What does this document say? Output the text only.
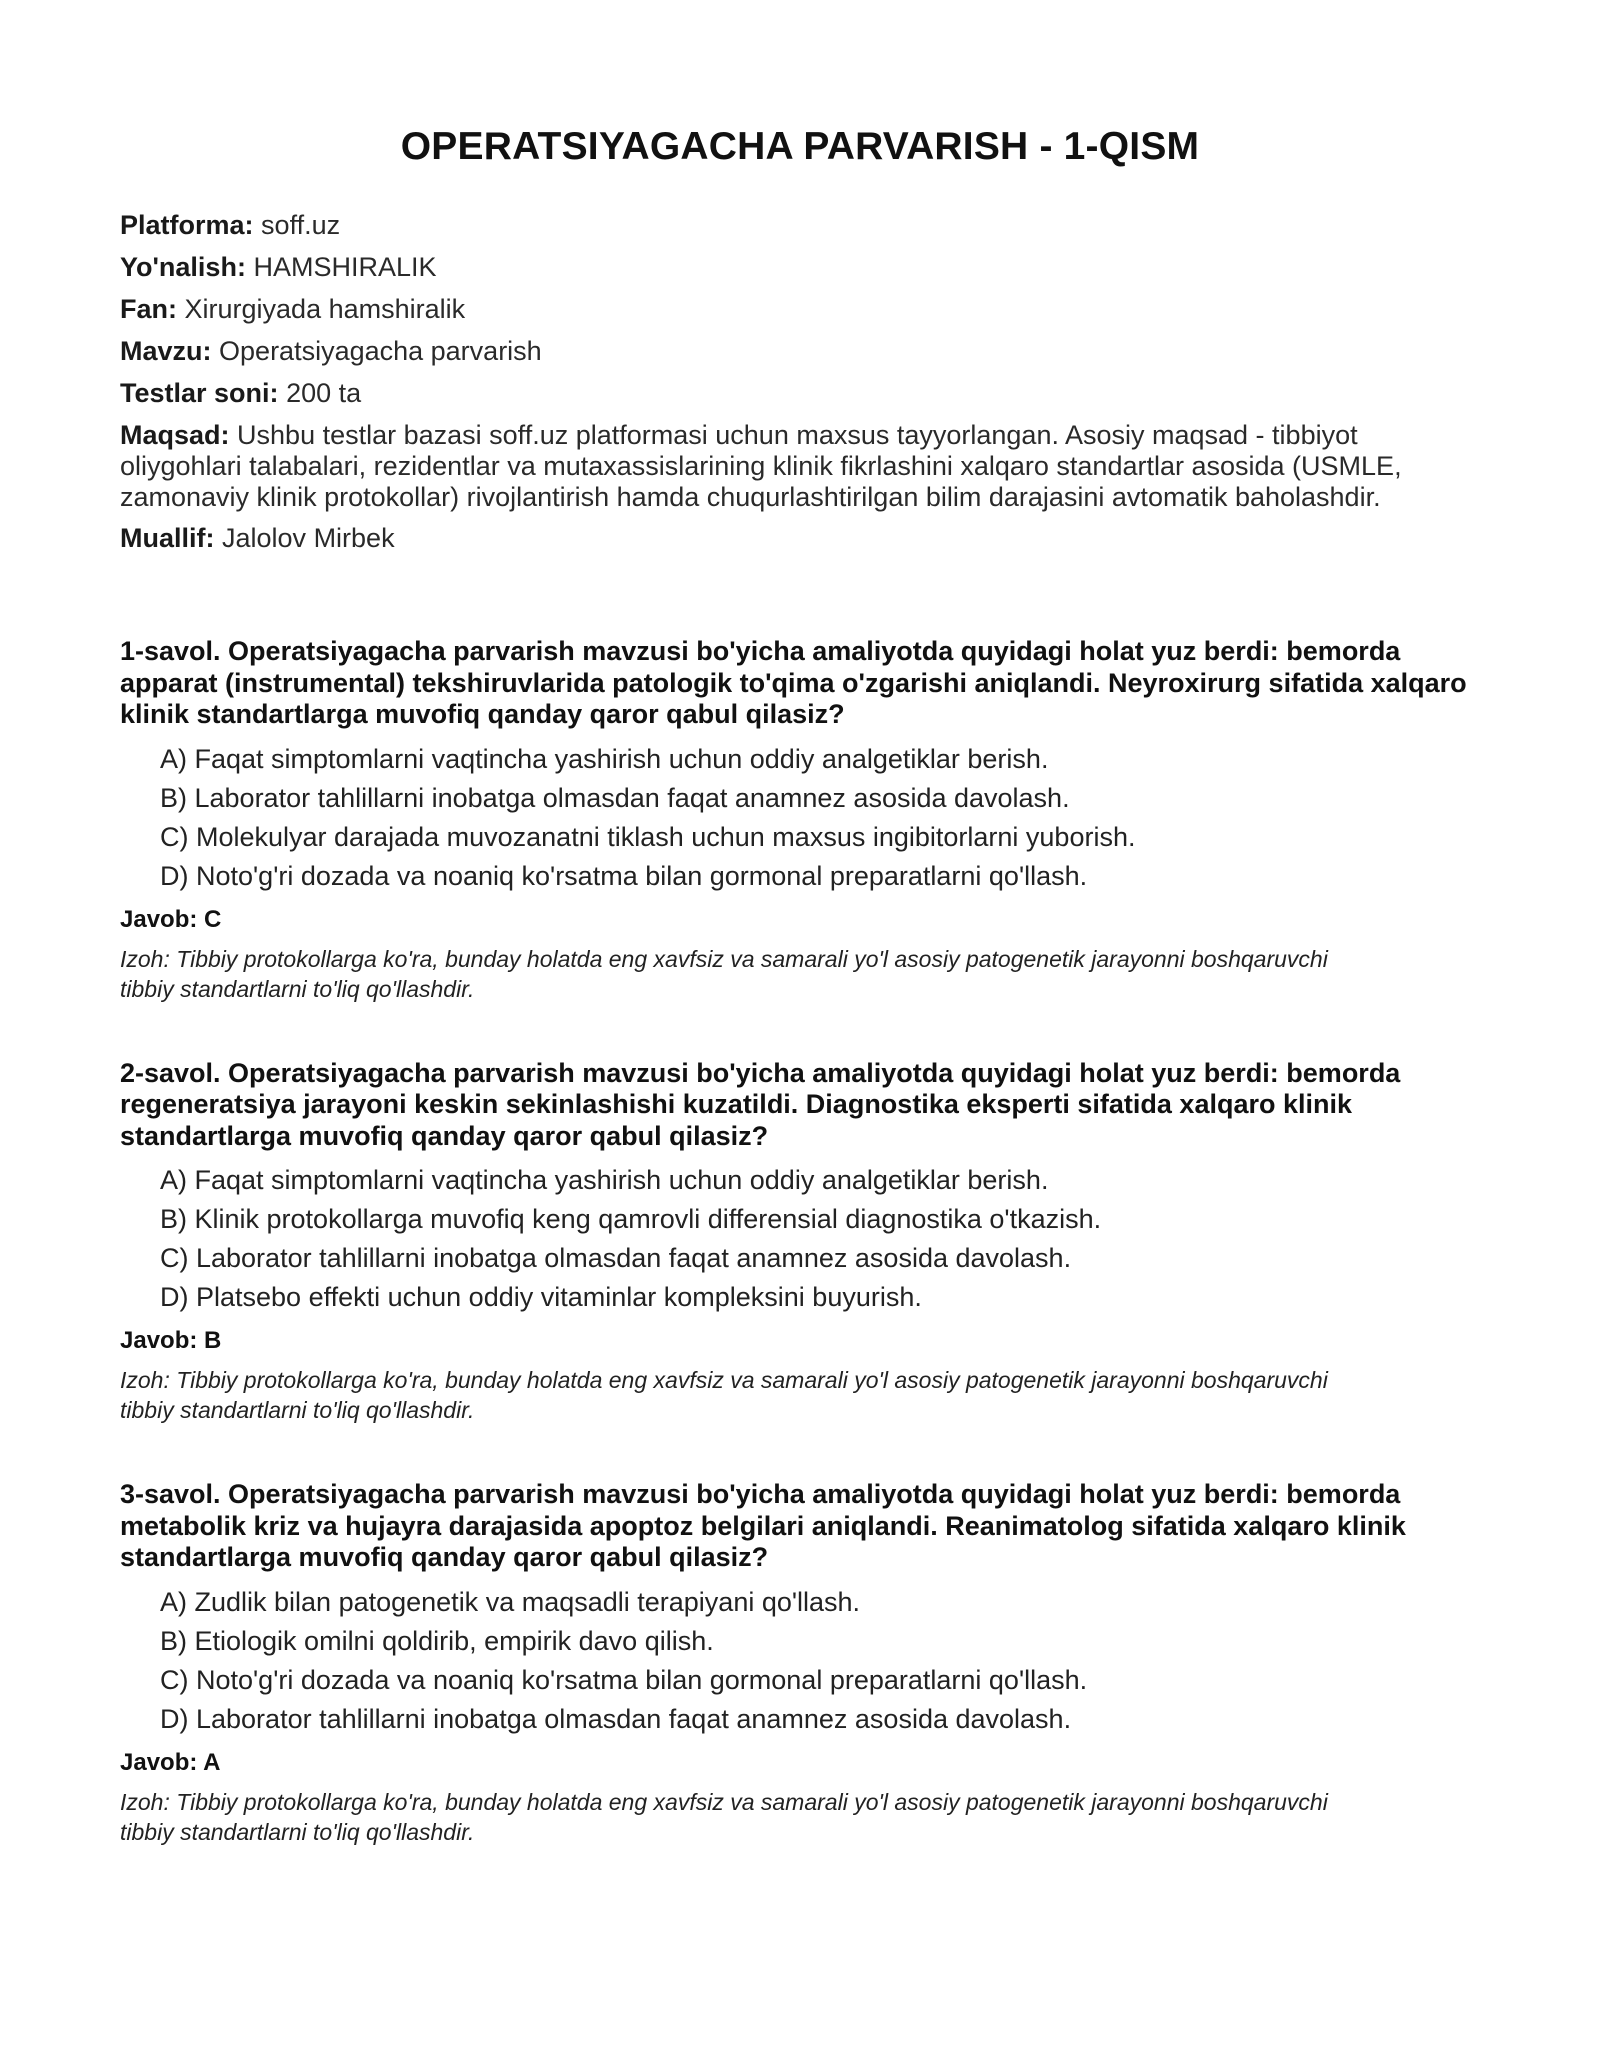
OPERATSIYAGACHA PARVARISH - 1-QISM
Platforma: soff.uz
Yo'nalish: HAMSHIRALIK
Fan: Xirurgiyada hamshiralik
Mavzu: Operatsiyagacha parvarish
Testlar soni: 200 ta
Maqsad: Ushbu testlar bazasi soff.uz platformasi uchun maxsus tayyorlangan. Asosiy maqsad - tibbiyot oliygohlari talabalari, rezidentlar va mutaxassislarining klinik fikrlashini xalqaro standartlar asosida (USMLE, zamonaviy klinik protokollar) rivojlantirish hamda chuqurlashtirilgan bilim darajasini avtomatik baholashdir.
Muallif: Jalolov Mirbek

1-savol. Operatsiyagacha parvarish mavzusi bo'yicha amaliyotda quyidagi holat yuz berdi: bemorda apparat (instrumental) tekshiruvlarida patologik to'qima o'zgarishi aniqlandi. Neyroxirurg sifatida xalqaro klinik standartlarga muvofiq qanday qaror qabul qilasiz?

A) Faqat simptomlarni vaqtincha yashirish uchun oddiy analgetiklar berish.
B) Laborator tahlillarni inobatga olmasdan faqat anamnez asosida davolash.
C) Molekulyar darajada muvozanatni tiklash uchun maxsus ingibitorlarni yuborish.
D) Noto'g'ri dozada va noaniq ko'rsatma bilan gormonal preparatlarni qo'llash.
Javob: C
Izoh: Tibbiy protokollarga ko'ra, bunday holatda eng xavfsiz va samarali yo'l asosiy patogenetik jarayonni boshqaruvchi tibbiy standartlarni to'liq qo'llashdir.

2-savol. Operatsiyagacha parvarish mavzusi bo'yicha amaliyotda quyidagi holat yuz berdi: bemorda regeneratsiya jarayoni keskin sekinlashishi kuzatildi. Diagnostika eksperti sifatida xalqaro klinik standartlarga muvofiq qanday qaror qabul qilasiz?

A) Faqat simptomlarni vaqtincha yashirish uchun oddiy analgetiklar berish.
B) Klinik protokollarga muvofiq keng qamrovli differensial diagnostika o'tkazish.
C) Laborator tahlillarni inobatga olmasdan faqat anamnez asosida davolash.
D) Platsebo effekti uchun oddiy vitaminlar kompleksini buyurish.
Javob: B
Izoh: Tibbiy protokollarga ko'ra, bunday holatda eng xavfsiz va samarali yo'l asosiy patogenetik jarayonni boshqaruvchi tibbiy standartlarni to'liq qo'llashdir.

3-savol. Operatsiyagacha parvarish mavzusi bo'yicha amaliyotda quyidagi holat yuz berdi: bemorda metabolik kriz va hujayra darajasida apoptoz belgilari aniqlandi. Reanimatolog sifatida xalqaro klinik standartlarga muvofiq qanday qaror qabul qilasiz?

A) Zudlik bilan patogenetik va maqsadli terapiyani qo'llash.
B) Etiologik omilni qoldirib, empirik davo qilish.
C) Noto'g'ri dozada va noaniq ko'rsatma bilan gormonal preparatlarni qo'llash.
D) Laborator tahlillarni inobatga olmasdan faqat anamnez asosida davolash.
Javob: A
Izoh: Tibbiy protokollarga ko'ra, bunday holatda eng xavfsiz va samarali yo'l asosiy patogenetik jarayonni boshqaruvchi tibbiy standartlarni to'liq qo'llashdir.
